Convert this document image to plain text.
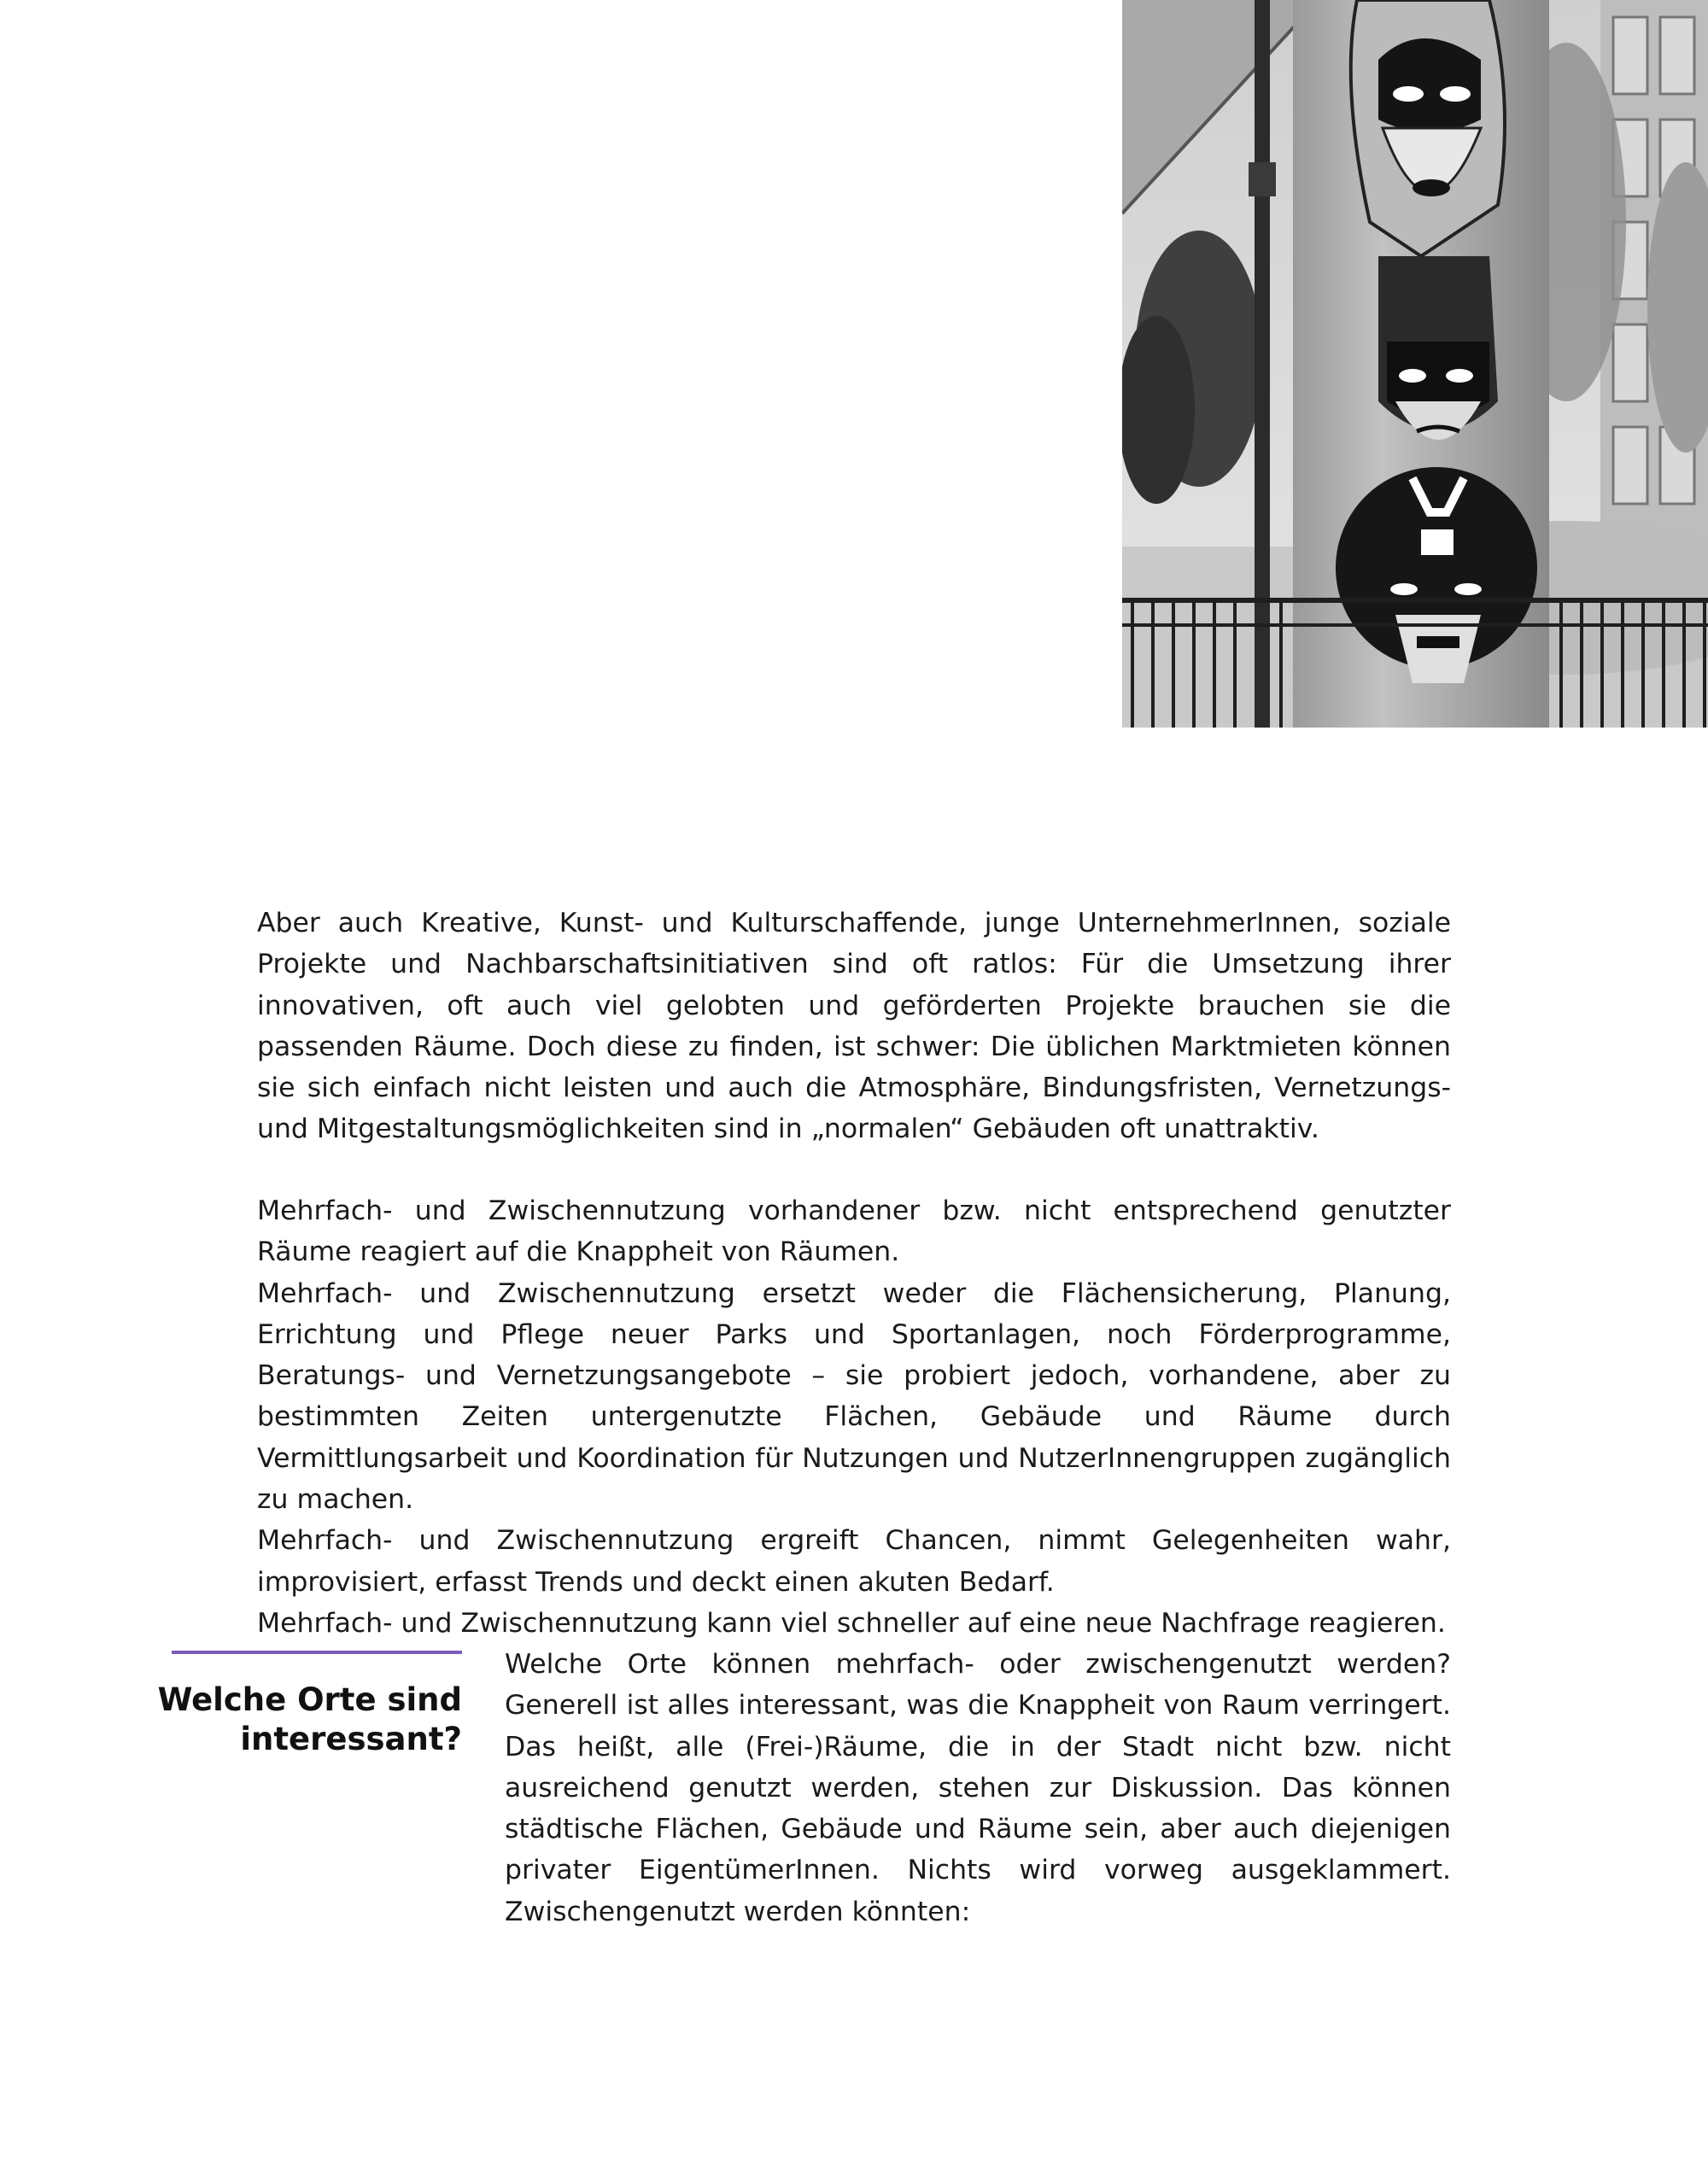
Aber auch Kreative, Kunst- und Kulturschaffende, junge UnternehmerInnen, soziale Projekte und Nachbarschaftsinitiativen sind oft ratlos: Für die Umsetzung ihrer innovativen, oft auch viel gelobten und geförderten Projekte brauchen sie die passenden Räume. Doch diese zu finden, ist schwer: Die üblichen Marktmieten können sie sich einfach nicht leisten und auch die Atmosphäre, Bindungsfristen, Vernetzungs- und Mitgestaltungsmöglichkeiten sind in „normalen“ Gebäuden oft unattraktiv.

Mehrfach- und Zwischennutzung vorhandener bzw. nicht entsprechend genutzter Räume reagiert auf die Knappheit von Räumen.

Mehrfach- und Zwischennutzung ersetzt weder die Flächensicherung, Planung, Errichtung und Pflege neuer Parks und Sportanlagen, noch Förderprogramme, Beratungs- und Vernetzungsangebote – sie probiert jedoch, vorhandene, aber zu bestimmten Zeiten untergenutzte Flächen, Gebäude und Räume durch Vermittlungsarbeit und Koordination für Nutzungen und NutzerInnengruppen zugänglich zu machen.

Mehrfach- und Zwischennutzung ergreift Chancen, nimmt Gelegenheiten wahr, improvisiert, erfasst Trends und deckt einen akuten Bedarf.

Mehrfach- und Zwischennutzung kann viel schneller auf eine neue Nachfrage reagieren.

Welche Orte sind
interessant?

Welche Orte können mehrfach- oder zwischengenutzt werden? Generell ist alles interessant, was die Knappheit von Raum verringert. Das heißt, alle (Frei-)Räume, die in der Stadt nicht bzw. nicht ausreichend genutzt werden, stehen zur Diskussion. Das können städtische Flächen, Gebäude und Räume sein, aber auch diejenigen privater EigentümerInnen. Nichts wird vorweg ausgeklammert. Zwischengenutzt werden könnten:
